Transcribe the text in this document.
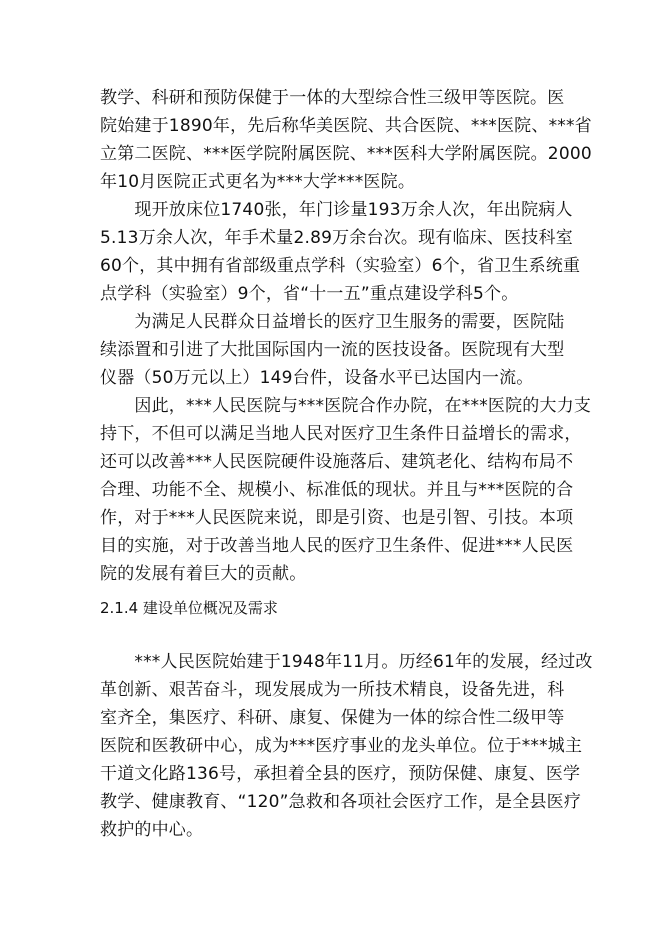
教学、科研和预防保健于一体的大型综合性三级甲等医院。医
院始建于1890年，先后称华美医院、共合医院、***医院、***省
立第二医院、***医学院附属医院、***医科大学附属医院。2000
年10月医院正式更名为***大学***医院。
　　现开放床位1740张，年门诊量193万余人次，年出院病人
5.13万余人次，年手术量2.89万余台次。现有临床、医技科室
60个，其中拥有省部级重点学科（实验室）6个，省卫生系统重
点学科（实验室）9个，省“十一五”重点建设学科5个。
　　为满足人民群众日益增长的医疗卫生服务的需要，医院陆
续添置和引进了大批国际国内一流的医技设备。医院现有大型
仪器（50万元以上）149台件，设备水平已达国内一流。
　　因此，***人民医院与***医院合作办院，在***医院的大力支
持下，不但可以满足当地人民对医疗卫生条件日益增长的需求，
还可以改善***人民医院硬件设施落后、建筑老化、结构布局不
合理、功能不全、规模小、标准低的现状。并且与***医院的合
作，对于***人民医院来说，即是引资、也是引智、引技。本项
目的实施，对于改善当地人民的医疗卫生条件、促进***人民医
院的发展有着巨大的贡献。
2.1.4 建设单位概况及需求
　　***人民医院始建于1948年11月。历经61年的发展，经过改
革创新、艰苦奋斗，现发展成为一所技术精良，设备先进，科
室齐全，集医疗、科研、康复、保健为一体的综合性二级甲等
医院和医教研中心，成为***医疗事业的龙头单位。位于***城主
干道文化路136号，承担着全县的医疗，预防保健、康复、医学
教学、健康教育、“120”急救和各项社会医疗工作，是全县医疗
救护的中心。
